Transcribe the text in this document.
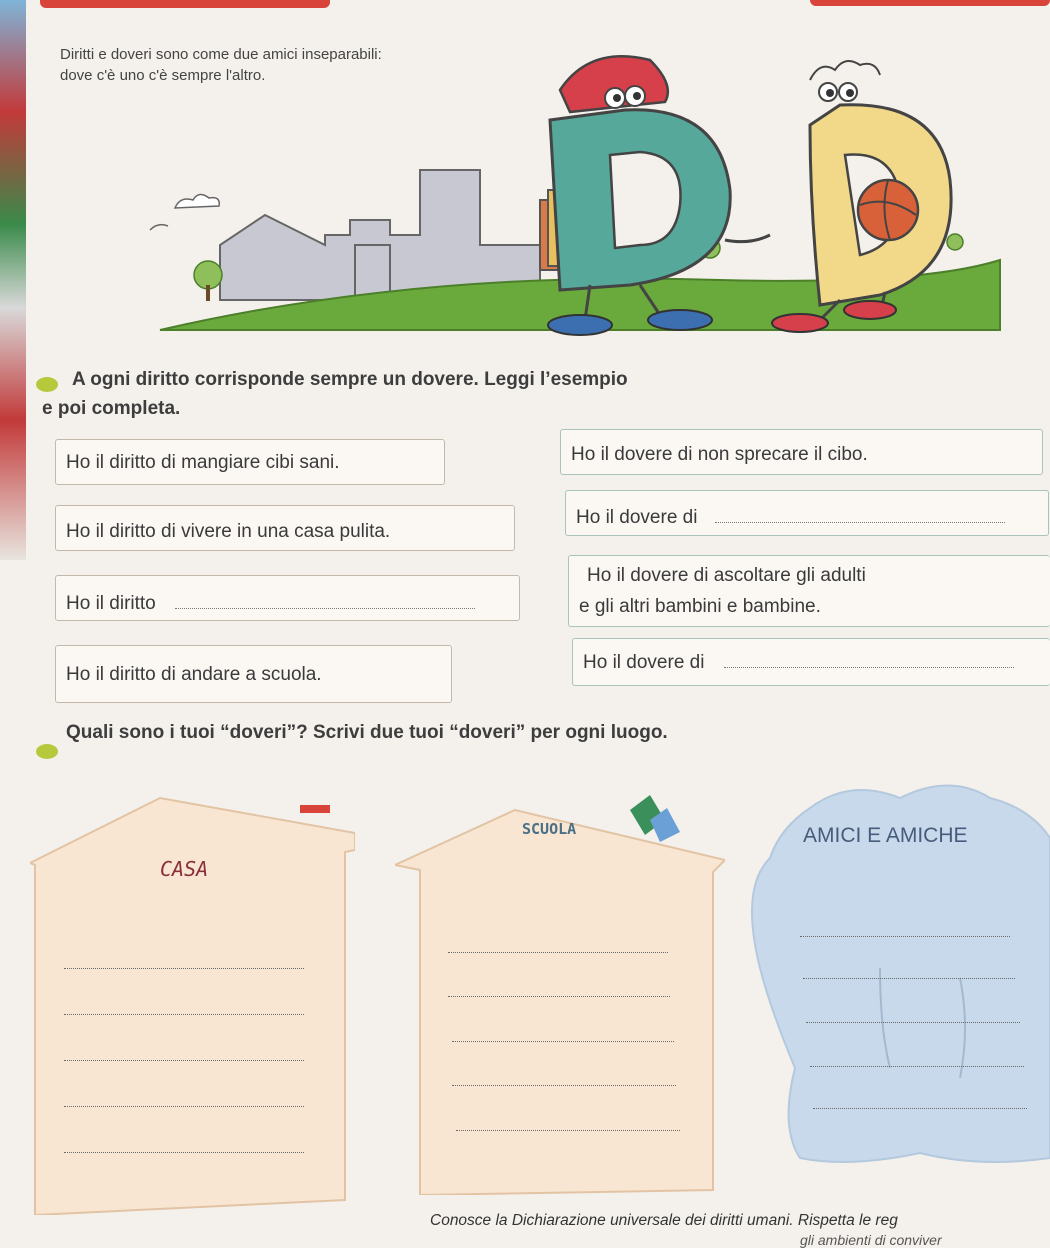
Diritti e doveri sono come due amici inseparabili:
dove c'è uno c'è sempre l'altro.

A ogni diritto corrisponde sempre un dovere. Leggi l’esempio
e poi completa.

Ho il diritto di mangiare cibi sani.	Ho il dovere di non sprecare il cibo.
Ho il diritto di vivere in una casa pulita.
Ho il dovere di
Ho il diritto
Ho il dovere di ascoltare gli adulti
e gli altri bambini e bambine.
Ho il diritto di andare a scuola.
Ho il dovere di

Quali sono i tuoi “doveri”? Scrivi due tuoi “doveri” per ogni luogo.

CASA
SCUOLA	AMICI E AMICHE
Conosce la Dichiarazione universale dei diritti umani. Rispetta le reg
gli ambienti di conviver
